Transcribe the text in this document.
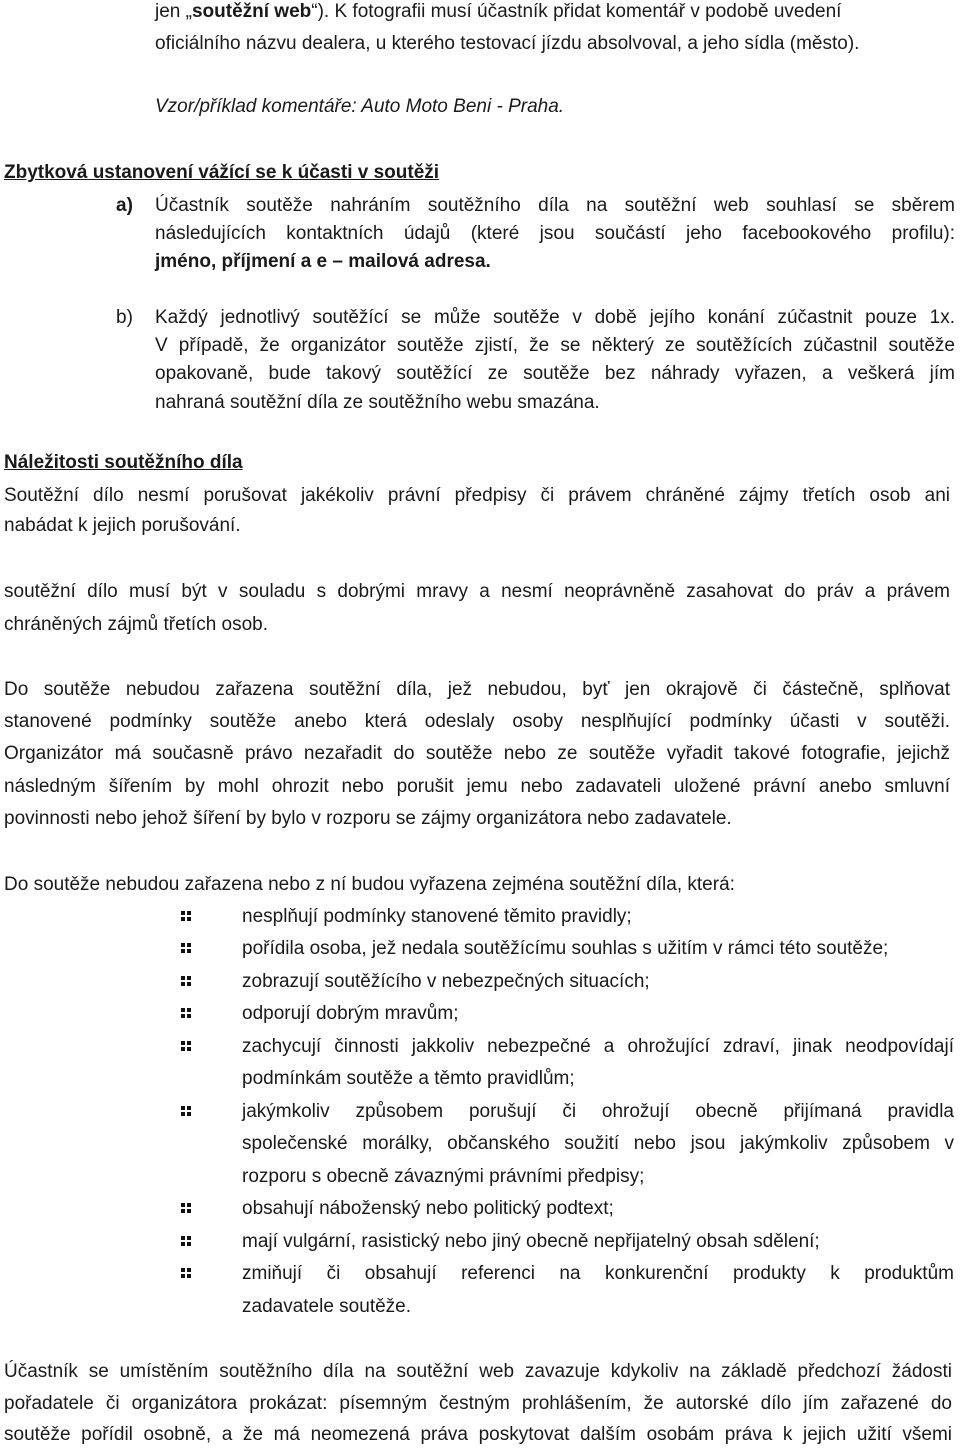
jen „soutěžní web“). K fotografii musí účastník přidat komentář v podobě uvedení

oficiálního názvu dealera, u kterého testovací jízdu absolvoval, a jeho sídla (město).

Vzor/příklad komentáře: Auto Moto Beni - Praha.

Zbytková ustanovení vážící se k účasti v soutěži

a) Účastník soutěže nahráním soutěžního díla na soutěžní web souhlasí se sběrem

následujících kontaktních údajů (které jsou součástí jeho facebookového profilu):

jméno, příjmení a e – mailová adresa.

b) Každý jednotlivý soutěžící se může soutěže v době jejího konání zúčastnit pouze 1x.

V případě, že organizátor soutěže zjistí, že se některý ze soutěžících zúčastnil soutěže

opakovaně, bude takový soutěžící ze soutěže bez náhrady vyřazen, a veškerá jím

nahraná soutěžní díla ze soutěžního webu smazána.

Náležitosti soutěžního díla

Soutěžní dílo nesmí porušovat jakékoliv právní předpisy či právem chráněné zájmy třetích osob ani

nabádat k jejich porušování.

soutěžní dílo musí být v souladu s dobrými mravy a nesmí neoprávněně zasahovat do práv a právem

chráněných zájmů třetích osob.

Do soutěže nebudou zařazena soutěžní díla, jež nebudou, byť jen okrajově či částečně, splňovat

stanovené podmínky soutěže anebo která odeslaly osoby nesplňující podmínky účasti v soutěži.

Organizátor má současně právo nezařadit do soutěže nebo ze soutěže vyřadit takové fotografie, jejichž

následným šířením by mohl ohrozit nebo porušit jemu nebo zadavateli uložené právní anebo smluvní

povinnosti nebo jehož šíření by bylo v rozporu se zájmy organizátora nebo zadavatele.

Do soutěže nebudou zařazena nebo z ní budou vyřazena zejména soutěžní díla, která:

nesplňují podmínky stanovené těmito pravidly;

pořídila osoba, jež nedala soutěžícímu souhlas s užitím v rámci této soutěže;

zobrazují soutěžícího v nebezpečných situacích;

odporují dobrým mravům;

zachycují činnosti jakkoliv nebezpečné a ohrožující zdraví, jinak neodpovídají

podmínkám soutěže a těmto pravidlům;

jakýmkoliv způsobem porušují či ohrožují obecně přijímaná pravidla

společenské morálky, občanského soužití nebo jsou jakýmkoliv způsobem v

rozporu s obecně závaznými právními předpisy;

obsahují náboženský nebo politický podtext;

mají vulgární, rasistický nebo jiný obecně nepřijatelný obsah sdělení;

zmiňují či obsahují referenci na konkurenční produkty k produktům

zadavatele soutěže.

Účastník se umístěním soutěžního díla na soutěžní web zavazuje kdykoliv na základě předchozí žádosti

pořadatele či organizátora prokázat: písemným čestným prohlášením, že autorské dílo jím zařazené do

soutěže pořídil osobně, a že má neomezená práva poskytovat dalším osobám práva k jejich užití všemi
